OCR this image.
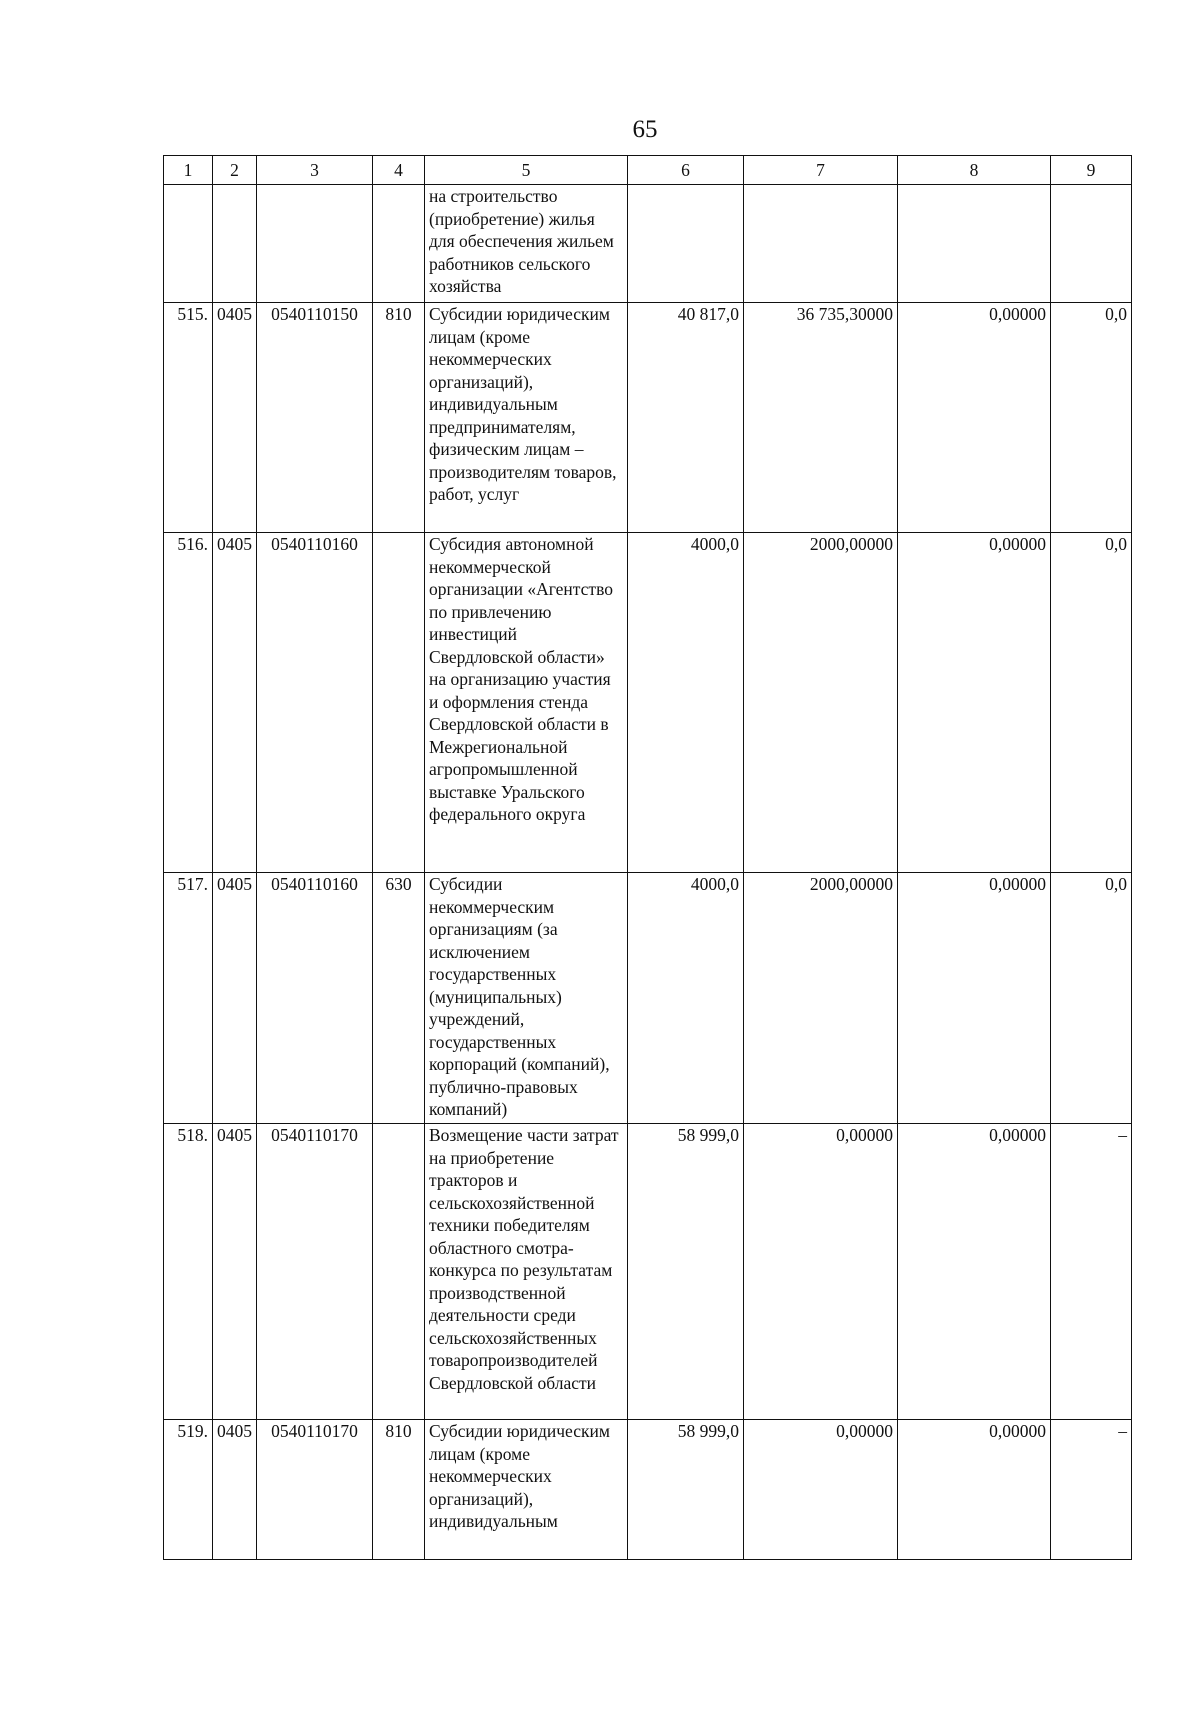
65
1	2	3	4	5	6	7	8	9
				на строительство (приобретение) жилья для обеспечения жильем работников сельского хозяйства				
515.	0405	0540110150	810	Субсидии юридическим лицам (кроме некоммерческих организаций), индивидуальным предпринимателям, физическим лицам – производителям товаров, работ, услуг	40 817,0	36 735,30000	0,00000	0,0
516.	0405	0540110160		Субсидия автономной некоммерческой организации «Агентство по привлечению инвестиций Свердловской области» на организацию участия и оформления стенда Свердловской области в Межрегиональной агропромышленной выставке Уральского федерального округа	4000,0	2000,00000	0,00000	0,0
517.	0405	0540110160	630	Субсидии некоммерческим организациям (за исключением государственных (муниципальных) учреждений, государственных корпораций (компаний), публично-правовых компаний)	4000,0	2000,00000	0,00000	0,0
518.	0405	0540110170		Возмещение части затрат на приобретение тракторов и сельскохозяйственной техники победителям областного смотра-конкурса по результатам производственной деятельности среди сельскохозяйственных товаропроизводителей Свердловской области	58 999,0	0,00000	0,00000	–
519.	0405	0540110170	810	Субсидии юридическим лицам (кроме некоммерческих организаций), индивидуальным	58 999,0	0,00000	0,00000	–
